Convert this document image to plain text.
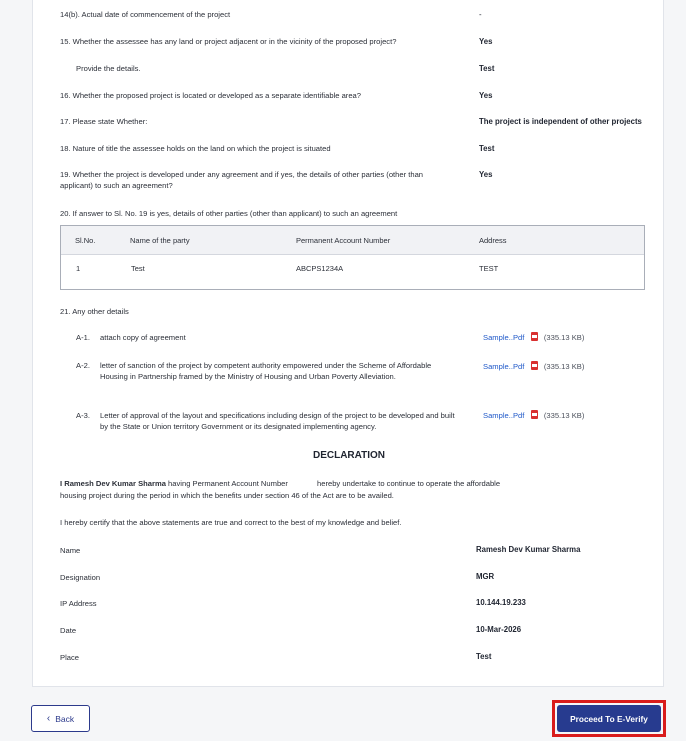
14(b). Actual date of commencement of the project	-
15. Whether the assessee has any land or project adjacent or in the vicinity of the proposed project?	Yes
Provide the details.	Test
16. Whether the proposed project is located or developed as a separate identifiable area?	Yes
17. Please state Whether:	The project is independent of other projects
18. Nature of title the assessee holds on the land on which the project is situated	Test
19. Whether the project is developed under any agreement and if yes, the details of other parties (other than applicant) to such an agreement?
Yes
20. If answer to Sl. No. 19 is yes, details of other parties (other than applicant) to such an agreement
Sl.No.	Name of the party	Permanent Account Number	Address
1	Test	ABCPS1234A	TEST
21. Any other details
A-1. attach copy of agreement	Sample..Pdf	(335.13 KB)
A-2. letter of sanction of the project by competent authority empowered under the Scheme of Affordable Housing in Partnership framed by the Ministry of Housing and Urban Poverty Alleviation.
Sample..Pdf	(335.13 KB)
A-3. Letter of approval of the layout and specifications including design of the project to be developed and built by the State or Union territory Government or its designated implementing agency.
Sample..Pdf	(335.13 KB)
DECLARATION
I Ramesh Dev Kumar Sharma having Permanent Account Number	hereby undertake to continue to operate the affordable
housing project during the period in which the benefits under section 46 of the Act are to be availed.
I hereby certify that the above statements are true and correct to the best of my knowledge and belief.
Name	Ramesh Dev Kumar Sharma
Designation	MGR
IP Address	10.144.19.233
Date	10-Mar-2026
Place	Test
‹ Back	Proceed To E-Verify
